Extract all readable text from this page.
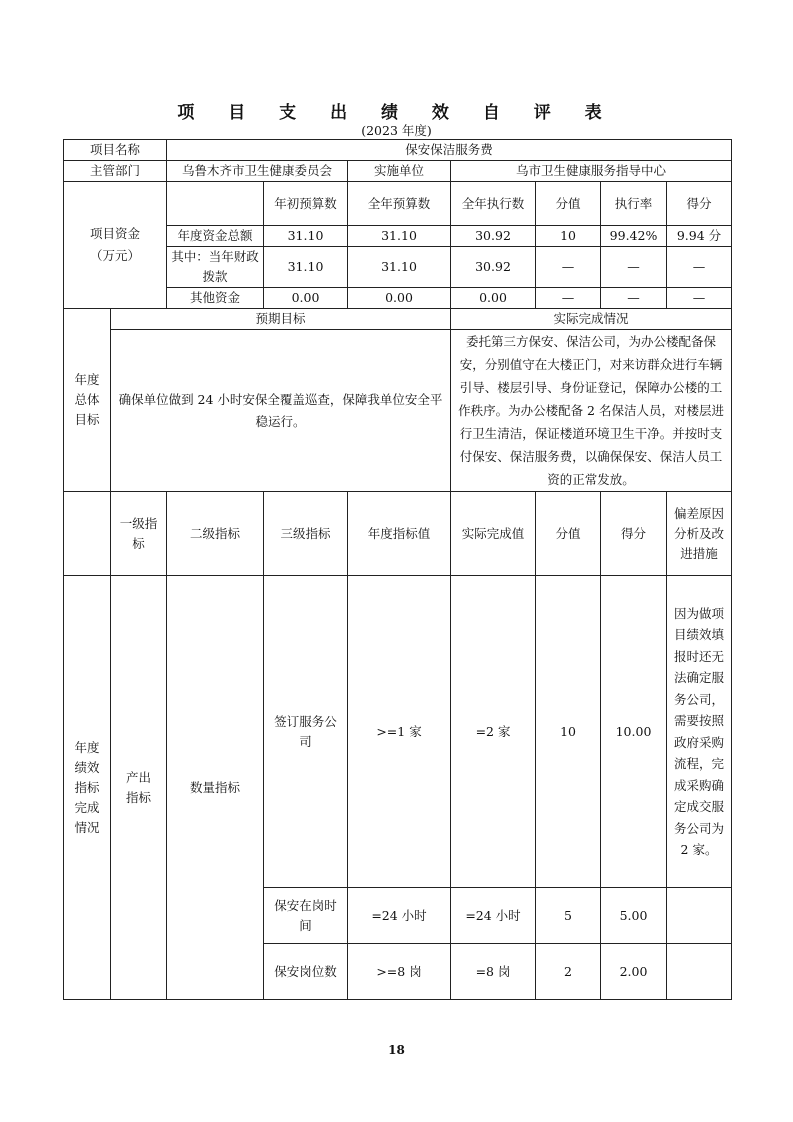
项 目 支 出 绩 效 自 评 表
(2023 年度)
项目名称		保安保洁服务费						
主管部门		乌鲁木齐市卫生健康委员会		实施单位	乌市卫生健康服务指导中心			
项目资金
（万元）			年初预算数	全年预算数	全年执行数	分值	执行率	得分
		年度资金总额	31.10	31.10	30.92	10	99.42%	9.94 分
		其中：当年财政拨款	31.10	31.10	30.92	—	—	—
		其他资金	0.00	0.00	0.00	—	—	—
年度总体目标	预期目标				实际完成情况			
	确保单位做到 24 小时安保全覆盖巡查，保障我单位安全平稳运行。				委托第三方保安、保洁公司，为办公楼配备保安，分别值守在大楼正门，对来访群众进行车辆引导、楼层引导、身份证登记，保障办公楼的工作秩序。为办公楼配备 2 名保洁人员，对楼层进行卫生清洁，保证楼道环境卫生干净。并按时支付保安、保洁服务费，以确保保安、保洁人员工资的正常发放。			
	一级指标	二级指标	三级指标	年度指标值	实际完成值	分值	得分	偏差原因分析及改进措施
年度绩效指标完成情况	产出指标	数量指标	签订服务公司	>=1 家	=2 家	10	10.00	因为做项目绩效填报时还无法确定服务公司，需要按照政府采购流程，完成采购确定成交服务公司为 2 家。
			保安在岗时间	=24 小时	=24 小时	5	5.00	
			保安岗位数	>=8 岗	=8 岗	2	2.00	
18
